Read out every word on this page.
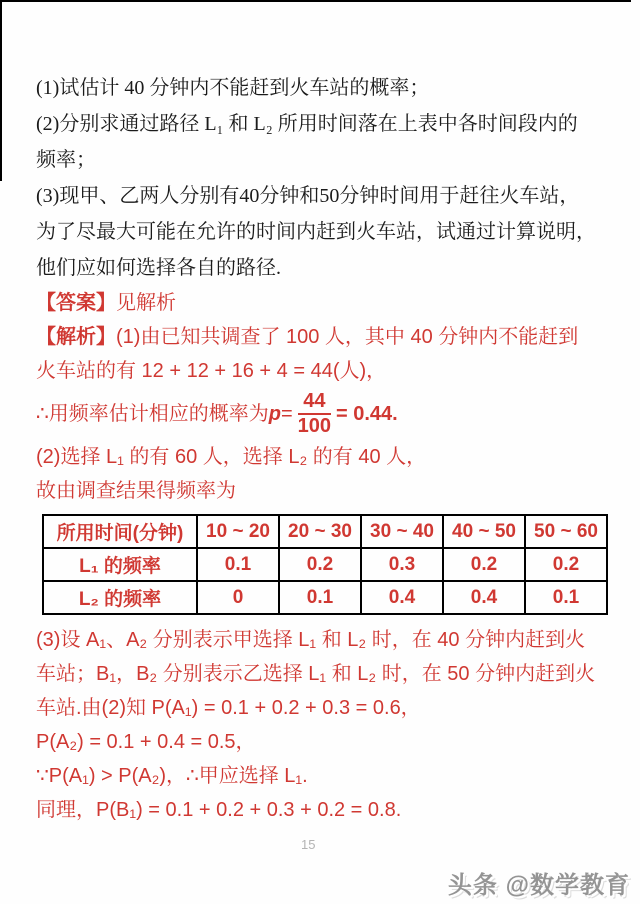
(1)试估计 40 分钟内不能赶到火车站的概率；

(2)分别求通过路径 L₁ 和 L₂ 所用时间落在上表中各时间段内的

频率；

(3)现甲、乙两人分别有40分钟和50分钟时间用于赶往火车站，

为了尽最大可能在允许的时间内赶到火车站，试通过计算说明，

他们应如何选择各自的路径.

【答案】见解析

【解析】(1)由已知共调查了 100 人，其中 40 分钟内不能赶到

火车站的有 12 + 12 + 16 + 4 = 44(人)，

∴用频率估计相应的概率为 $p = \frac{44}{100} = 0.44$.

(2)选择 L₁ 的有 60 人，选择 L₂ 的有 40 人，

故由调查结果得频率为

所用时间(分钟)	10 ~ 20	20 ~ 30	30 ~ 40	40 ~ 50	50 ~ 60
L₁ 的频率	0.1	0.2	0.3	0.2	0.2
L₂ 的频率	0	0.1	0.4	0.4	0.1

(3)设 A₁、A₂ 分别表示甲选择 L₁ 和 L₂ 时，在 40 分钟内赶到火

车站；B₁，B₂ 分别表示乙选择 L₁ 和 L₂ 时，在 50 分钟内赶到火

车站.由(2)知 P(A₁) = 0.1 + 0.2 + 0.3 = 0.6，

P(A₂) = 0.1 + 0.4 = 0.5，

∵P(A₁) > P(A₂)，∴甲应选择 L₁.

同理，P(B₁) = 0.1 + 0.2 + 0.3 + 0.2 = 0.8.

15
头条 @数学教育
